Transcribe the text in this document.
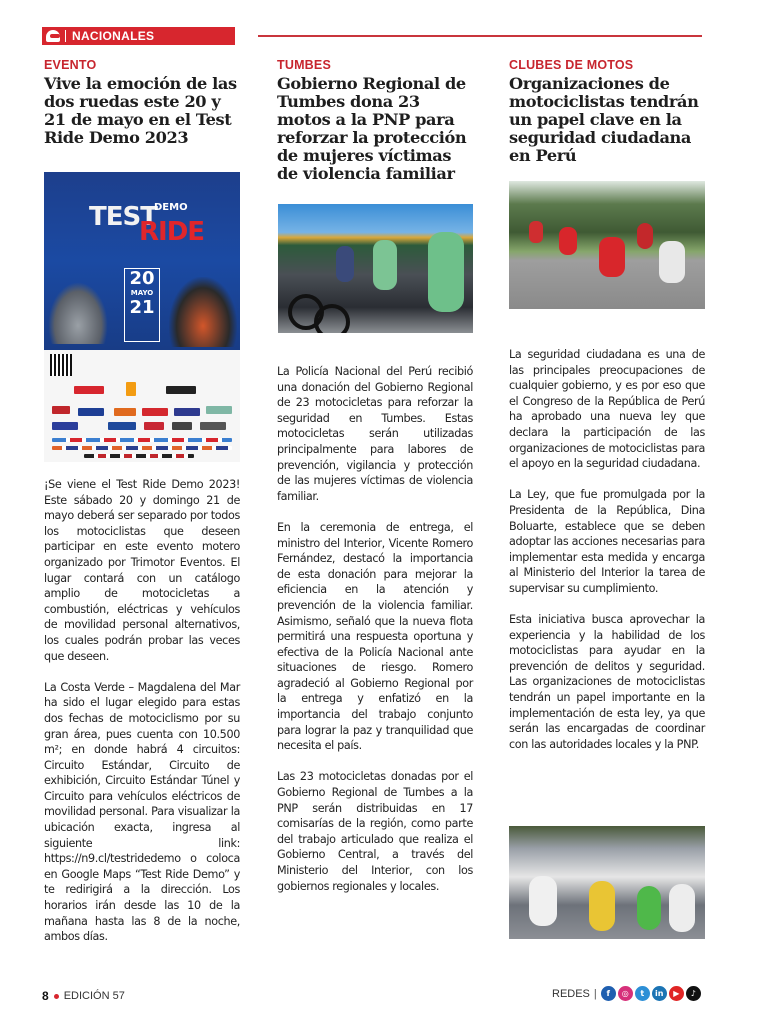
NACIONALES
EVENTO
Vive la emoción de las dos ruedas este 20 y 21 de mayo en el Test Ride Demo 2023
TEST
DEMO
RIDE
20
MAYO
21

¡Se viene el Test Ride Demo 2023! Este sábado 20 y domingo 21 de mayo deberá ser separado por todos los motociclistas que deseen participar en este evento motero organizado por Trimotor Eventos. El lugar contará con un catálogo amplio de motocicletas a combustión, eléctricas y vehículos de movilidad personal alternativos, los cuales podrán probar las veces que deseen.

La Costa Verde – Magdalena del Mar ha sido el lugar elegido para estas dos fechas de motociclismo por su gran área, pues cuenta con 10.500 m²; en donde habrá 4 circuitos: Circuito Estándar, Circuito de exhibición, Circuito Estándar Túnel y Circuito para vehículos eléctricos de movilidad personal. Para visualizar la ubicación exacta, ingresa al siguiente link: https://n9.cl/testridedemo o coloca en Google Maps “Test Ride Demo” y te redirigirá a la dirección. Los horarios irán desde las 10 de la mañana hasta las 8 de la noche, ambos días.

TUMBES
Gobierno Regional de Tumbes dona 23 motos a la PNP para reforzar la protección de mujeres víctimas de violencia familiar

La Policía Nacional del Perú recibió una donación del Gobierno Regional de 23 motocicletas para reforzar la seguridad en Tumbes. Estas motocicletas serán utilizadas principalmente para labores de prevención, vigilancia y protección de las mujeres víctimas de violencia familiar.

En la ceremonia de entrega, el ministro del Interior, Vicente Romero Fernández, destacó la importancia de esta donación para mejorar la eficiencia en la atención y prevención de la violencia familiar. Asimismo, señaló que la nueva flota permitirá una respuesta oportuna y efectiva de la Policía Nacional ante situaciones de riesgo. Romero agradeció al Gobierno Regional por la entrega y enfatizó en la importancia del trabajo conjunto para lograr la paz y tranquilidad que necesita el país.

Las 23 motocicletas donadas por el Gobierno Regional de Tumbes a la PNP serán distribuidas en 17 comisarías de la región, como parte del trabajo articulado que realiza el Gobierno Central, a través del Ministerio del Interior, con los gobiernos regionales y locales.

CLUBES DE MOTOS
Organizaciones de motociclistas tendrán un papel clave en la seguridad ciudadana en Perú

La seguridad ciudadana es una de las principales preocupaciones de cualquier gobierno, y es por eso que el Congreso de la República de Perú ha aprobado una nueva ley que declara la participación de las organizaciones de motociclistas para el apoyo en la seguridad ciudadana.

La Ley, que fue promulgada por la Presidenta de la República, Dina Boluarte, establece que se deben adoptar las acciones necesarias para implementar esta medida y encarga al Ministerio del Interior la tarea de supervisar su cumplimiento.

Esta iniciativa busca aprovechar la experiencia y la habilidad de los motociclistas para ayudar en la prevención de delitos y seguridad. Las organizaciones de motociclistas tendrán un papel importante en la implementación de esta ley, ya que serán las encargadas de coordinar con las autoridades locales y la PNP.

8 EDICIÓN 57	REDES |	f	◎	t	in	▶	♪
